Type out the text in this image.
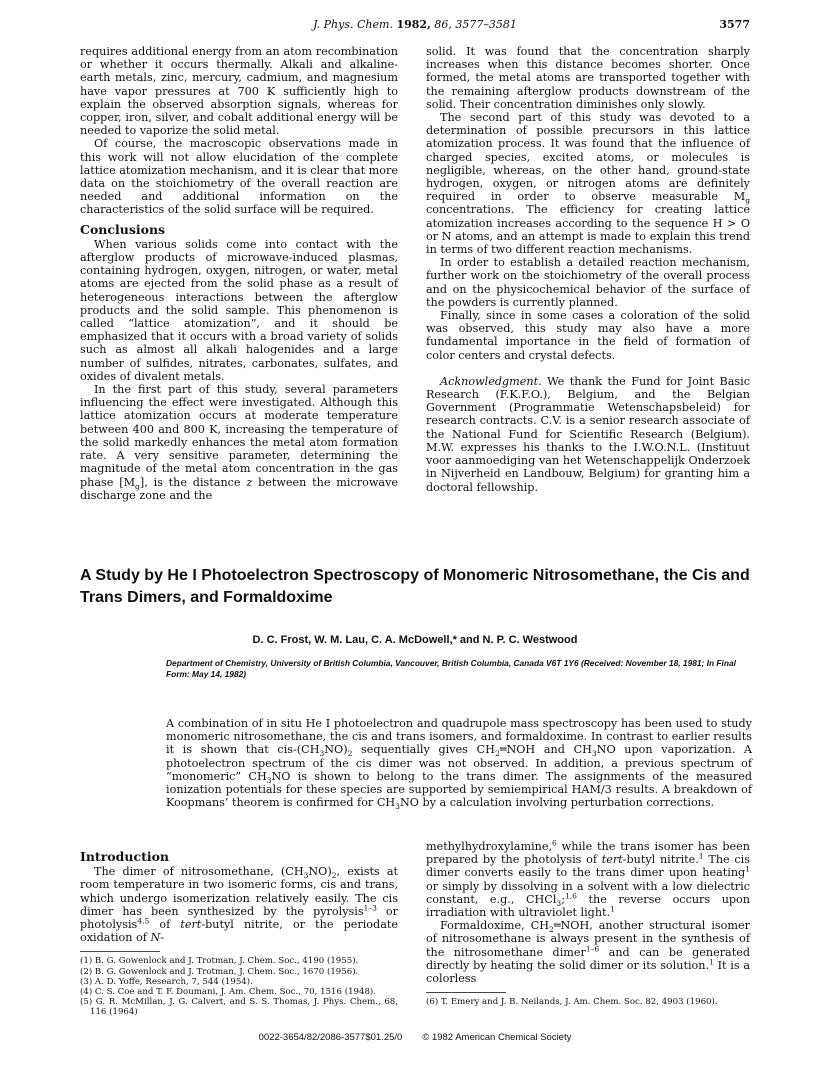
J. Phys. Chem. 1982, 86, 3577–3581	3577

requires additional energy from an atom recombination or whether it occurs thermally. Alkali and alkaline-earth metals, zinc, mercury, cadmium, and magnesium have vapor pressures at 700 K sufficiently high to explain the observed absorption signals, whereas for copper, iron, silver, and cobalt additional energy will be needed to vaporize the solid metal.

Of course, the macroscopic observations made in this work will not allow elucidation of the complete lattice atomization mechanism, and it is clear that more data on the stoichiometry of the overall reaction are needed and additional information on the characteristics of the solid surface will be required.

Conclusions

When various solids come into contact with the afterglow products of microwave-induced plasmas, containing hydrogen, oxygen, nitrogen, or water, metal atoms are ejected from the solid phase as a result of heterogeneous interactions between the afterglow products and the solid sample. This phenomenon is called “lattice atomization”, and it should be emphasized that it occurs with a broad variety of solids such as almost all alkali halogenides and a large number of sulfides, nitrates, carbonates, sulfates, and oxides of divalent metals.

In the first part of this study, several parameters influencing the effect were investigated. Although this lattice atomization occurs at moderate temperature between 400 and 800 K, increasing the temperature of the solid markedly enhances the metal atom formation rate. A very sensitive parameter, determining the magnitude of the metal atom concentration in the gas phase $[M_g]$, is the distance z between the microwave discharge zone and the

solid. It was found that the concentration sharply increases when this distance becomes shorter. Once formed, the metal atoms are transported together with the remaining afterglow products downstream of the solid. Their concentration diminishes only slowly.

The second part of this study was devoted to a determination of possible precursors in this lattice atomization process. It was found that the influence of charged species, excited atoms, or molecules is negligible, whereas, on the other hand, ground-state hydrogen, oxygen, or nitrogen atoms are definitely required in order to observe measurable $M_g$ concentrations. The efficiency for creating lattice atomization increases according to the sequence H > O or N atoms, and an attempt is made to explain this trend in terms of two different reaction mechanisms.

In order to establish a detailed reaction mechanism, further work on the stoichiometry of the overall process and on the physicochemical behavior of the surface of the powders is currently planned.

Finally, since in some cases a coloration of the solid was observed, this study may also have a more fundamental importance in the field of formation of color centers and crystal defects.

Acknowledgment. We thank the Fund for Joint Basic Research (F.K.F.O.), Belgium, and the Belgian Government (Programmatie Wetenschapsbeleid) for research contracts. C.V. is a senior research associate of the National Fund for Scientific Research (Belgium). M.W. expresses his thanks to the I.W.O.N.L. (Instituut voor aanmoediging van het Wetenschappelijk Onderzoek in Nijverheid en Landbouw, Belgium) for granting him a doctoral fellowship.

A Study by He I Photoelectron Spectroscopy of Monomeric Nitrosomethane, the Cis and Trans Dimers, and Formaldoxime
D. C. Frost, W. M. Lau, C. A. McDowell,* and N. P. C. Westwood
Department of Chemistry, University of British Columbia, Vancouver, British Columbia, Canada V6T 1Y6 (Received: November 18, 1981; In Final Form: May 14, 1982)

A combination of in situ He I photoelectron and quadrupole mass spectroscopy has been used to study monomeric nitrosomethane, the cis and trans isomers, and formaldoxime. In contrast to earlier results it is shown that cis-$(CH_3NO)_2$ sequentially gives $CH_2═NOH$ and $CH_3NO$ upon vaporization. A photoelectron spectrum of the cis dimer was not observed. In addition, a previous spectrum of “monomeric” $CH_3NO$ is shown to belong to the trans dimer. The assignments of the measured ionization potentials for these species are supported by semiempirical HAM/3 results. A breakdown of Koopmans’ theorem is confirmed for $CH_3NO$ by a calculation involving perturbation corrections.

Introduction

The dimer of nitrosomethane, $(CH_3NO)_2$, exists at room temperature in two isomeric forms, cis and trans, which undergo isomerization relatively easily. The cis dimer has been synthesized by the pyrolysis$^{1-3}$ or photolysis$^{4,5}$ of tert-butyl nitrite, or the periodate oxidation of N-

(1) B. G. Gowenlock and J. Trotman, J. Chem. Soc., 4190 (1955).
(2) B. G. Gowenlock and J. Trotman, J. Chem. Soc., 1670 (1956).
(3) A. D. Yoffe, Research, 7, 544 (1954).
(4) C. S. Coe and T. F. Doumani, J. Am. Chem. Soc., 70, 1516 (1948).
(5) G. R. McMillan, J. G. Calvert, and S. S. Thomas, J. Phys. Chem., 68, 116 (1964)

methylhydroxylamine,$^6$ while the trans isomer has been prepared by the photolysis of tert-butyl nitrite.$^1$ The cis dimer converts easily to the trans dimer upon heating$^1$ or simply by dissolving in a solvent with a low dielectric constant, e.g., CHCl$_3$;$^{1,6}$ the reverse occurs upon irradiation with ultraviolet light.$^1$

Formaldoxime, $CH_2═NOH$, another structural isomer of nitrosomethane is always present in the synthesis of the nitrosomethane dimer$^{1-6}$ and can be generated directly by heating the solid dimer or its solution.$^1$ It is a colorless

(6) T. Emery and J. B. Neilands, J. Am. Chem. Soc. 82, 4903 (1960).
0022-3654/82/2086-3577$01.25/0 © 1982 American Chemical Society
